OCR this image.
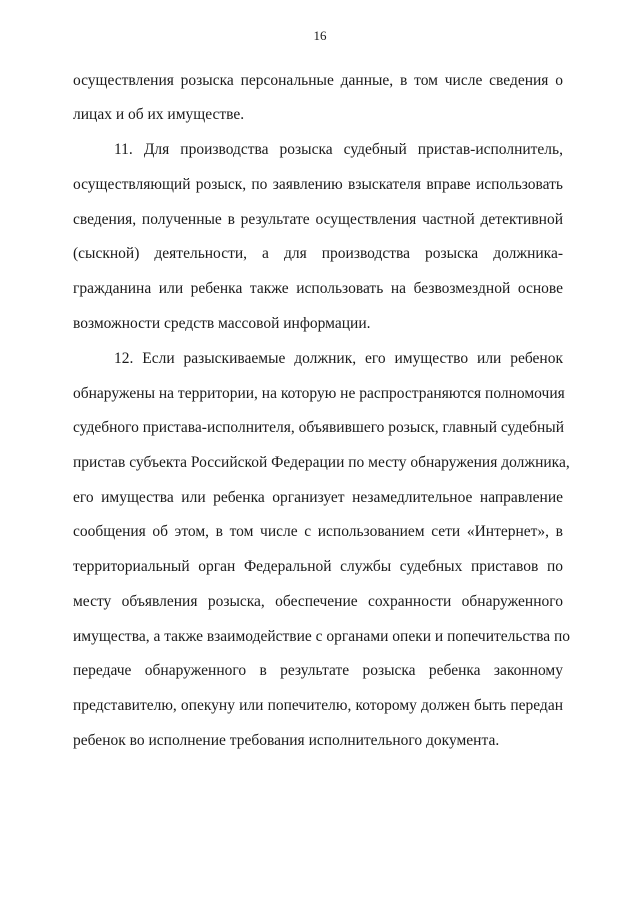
16
осуществления розыска персональные данные, в том числе сведения о
лицах и об их имуществе.
11. Для производства розыска судебный пристав-исполнитель,
осуществляющий розыск, по заявлению взыскателя вправе использовать
сведения, полученные в результате осуществления частной детективной
(сыскной) деятельности, а для производства розыска должника-
гражданина или ребенка также использовать на безвозмездной основе
возможности средств массовой информации.
12. Если разыскиваемые должник, его имущество или ребенок
обнаружены на территории, на которую не распространяются полномочия
судебного пристава-исполнителя, объявившего розыск, главный судебный
пристав субъекта Российской Федерации по месту обнаружения должника,
его имущества или ребенка организует незамедлительное направление
сообщения об этом, в том числе с использованием сети «Интернет», в
территориальный орган Федеральной службы судебных приставов по
месту объявления розыска, обеспечение сохранности обнаруженного
имущества, а также взаимодействие с органами опеки и попечительства по
передаче обнаруженного в результате розыска ребенка законному
представителю, опекуну или попечителю, которому должен быть передан
ребенок во исполнение требования исполнительного документа.
